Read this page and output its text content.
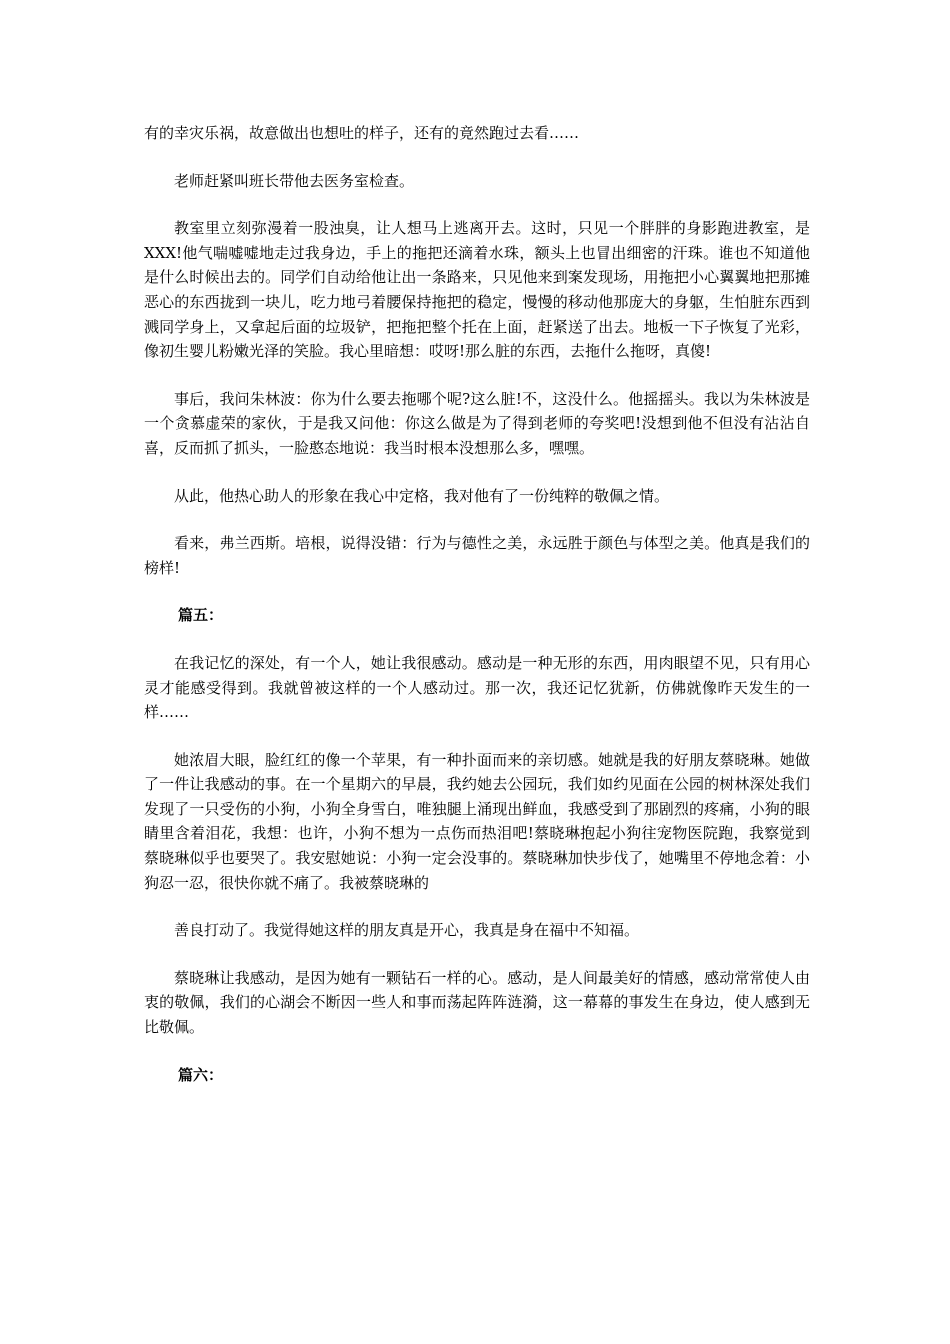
有的幸灾乐祸，故意做出也想吐的样子，还有的竟然跑过去看……

老师赶紧叫班长带他去医务室检查。

教室里立刻弥漫着一股浊臭，让人想马上逃离开去。这时，只见一个胖胖的身影跑进教室，是XXX!他气喘嘘嘘地走过我身边，手上的拖把还滴着水珠，额头上也冒出细密的汗珠。谁也不知道他是什么时候出去的。同学们自动给他让出一条路来，只见他来到案发现场，用拖把小心翼翼地把那摊恶心的东西拢到一块儿，吃力地弓着腰保持拖把的稳定，慢慢的移动他那庞大的身躯，生怕脏东西到溅同学身上，又拿起后面的垃圾铲，把拖把整个托在上面，赶紧送了出去。地板一下子恢复了光彩，像初生婴儿粉嫩光泽的笑脸。我心里暗想：哎呀!那么脏的东西，去拖什么拖呀，真傻!

事后，我问朱林波：你为什么要去拖哪个呢?这么脏!不，这没什么。他摇摇头。我以为朱林波是一个贪慕虚荣的家伙，于是我又问他：你这么做是为了得到老师的夸奖吧!没想到他不但没有沾沾自喜，反而抓了抓头，一脸憨态地说：我当时根本没想那么多，嘿嘿。

从此，他热心助人的形象在我心中定格，我对他有了一份纯粹的敬佩之情。

看来，弗兰西斯。培根，说得没错：行为与德性之美，永远胜于颜色与体型之美。他真是我们的榜样!

篇五：

在我记忆的深处，有一个人，她让我很感动。感动是一种无形的东西，用肉眼望不见，只有用心灵才能感受得到。我就曾被这样的一个人感动过。那一次，我还记忆犹新，仿佛就像昨天发生的一样……

她浓眉大眼，脸红红的像一个苹果，有一种扑面而来的亲切感。她就是我的好朋友蔡晓琳。她做了一件让我感动的事。在一个星期六的早晨，我约她去公园玩，我们如约见面在公园的树林深处我们发现了一只受伤的小狗，小狗全身雪白，唯独腿上涌现出鲜血，我感受到了那剧烈的疼痛，小狗的眼睛里含着泪花，我想：也许，小狗不想为一点伤而热泪吧!蔡晓琳抱起小狗往宠物医院跑，我察觉到蔡晓琳似乎也要哭了。我安慰她说：小狗一定会没事的。蔡晓琳加快步伐了，她嘴里不停地念着：小狗忍一忍，很快你就不痛了。我被蔡晓琳的

善良打动了。我觉得她这样的朋友真是开心，我真是身在福中不知福。

蔡晓琳让我感动，是因为她有一颗钻石一样的心。感动，是人间最美好的情感，感动常常使人由衷的敬佩，我们的心湖会不断因一些人和事而荡起阵阵涟漪，这一幕幕的事发生在身边，使人感到无比敬佩。

篇六：
